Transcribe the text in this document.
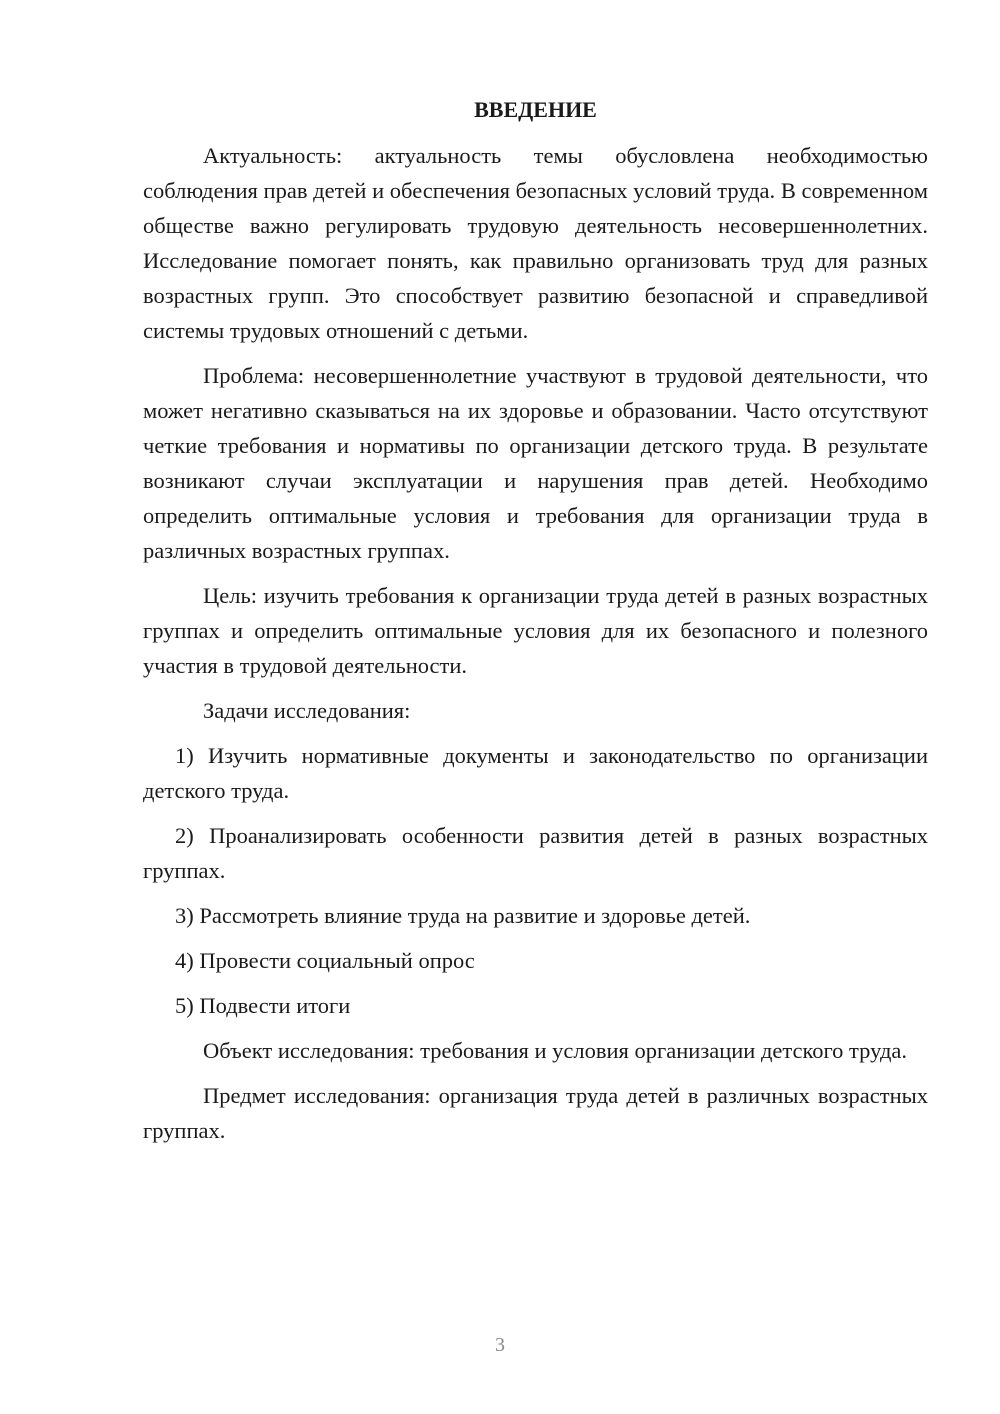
ВВЕДЕНИЕ

Актуальность: актуальность темы обусловлена необходимостью соблюдения прав детей и обеспечения безопасных условий труда. В современном обществе важно регулировать трудовую деятельность несовершеннолетних. Исследование помогает понять, как правильно организовать труд для разных возрастных групп. Это способствует развитию безопасной и справедливой системы трудовых отношений с детьми.

Проблема: несовершеннолетние участвуют в трудовой деятельности, что может негативно сказываться на их здоровье и образовании. Часто отсутствуют четкие требования и нормативы по организации детского труда. В результате возникают случаи эксплуатации и нарушения прав детей. Необходимо определить оптимальные условия и требования для организации труда в различных возрастных группах.

Цель: изучить требования к организации труда детей в разных возрастных группах и определить оптимальные условия для их безопасного и полезного участия в трудовой деятельности.

Задачи исследования:

1) Изучить нормативные документы и законодательство по организации детского труда.

2) Проанализировать особенности развития детей в разных возрастных группах.

3) Рассмотреть влияние труда на развитие и здоровье детей.

4) Провести социальный опрос

5) Подвести итоги

Объект исследования: требования и условия организации детского труда.

Предмет исследования: организация труда детей в различных возрастных группах.

3
